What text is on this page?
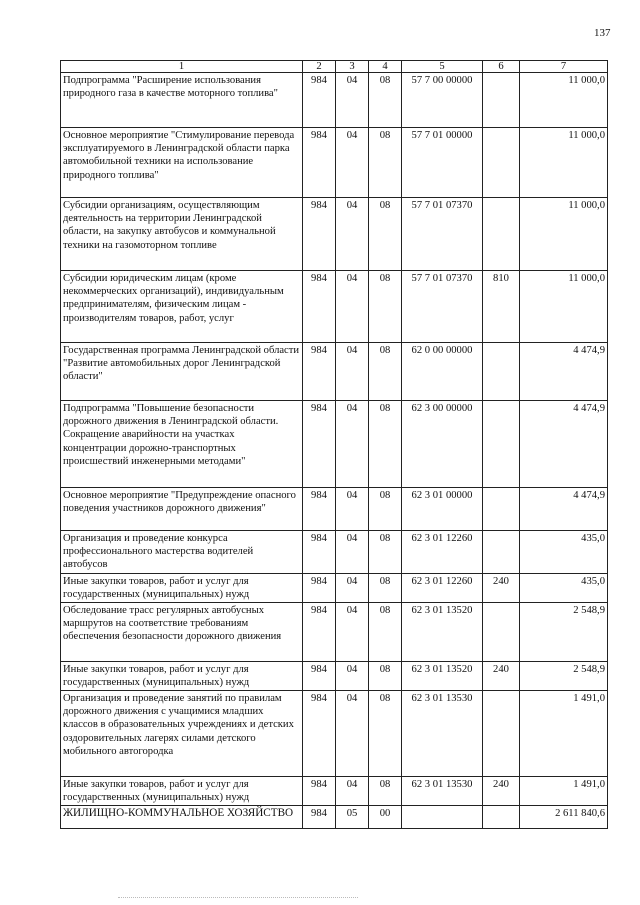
137
1	2	3	4	5	6	7
Подпрограмма "Расширение использования природного газа в качестве моторного топлива"	984	04	08	57 7 00 00000		11 000,0
Основное мероприятие "Стимулирование перевода эксплуатируемого в Ленинградской области парка автомобильной техники на использование природного топлива"	984	04	08	57 7 01 00000		11 000,0
Субсидии организациям, осуществляющим деятельность на территории Ленинградской области, на закупку автобусов и коммунальной техники на газомоторном топливе	984	04	08	57 7 01 07370		11 000,0
Субсидии юридическим лицам (кроме некоммерческих организаций), индивидуальным предпринимателям, физическим лицам - производителям товаров, работ, услуг	984	04	08	57 7 01 07370	810	11 000,0
Государственная программа Ленинградской области "Развитие автомобильных дорог Ленинградской области"	984	04	08	62 0 00 00000		4 474,9
Подпрограмма "Повышение безопасности дорожного движения в Ленинградской области. Сокращение аварийности на участках концентрации дорожно-транспортных происшествий инженерными методами"	984	04	08	62 3 00 00000		4 474,9
Основное мероприятие "Предупреждение опасного поведения участников дорожного движения"	984	04	08	62 3 01 00000		4 474,9
Организация и проведение конкурса профессионального мастерства водителей автобусов	984	04	08	62 3 01 12260		435,0
Иные закупки товаров, работ и услуг для государственных (муниципальных) нужд	984	04	08	62 3 01 12260	240	435,0
Обследование трасс регулярных автобусных маршрутов на соответствие требованиям обеспечения безопасности дорожного движения	984	04	08	62 3 01 13520		2 548,9
Иные закупки товаров, работ и услуг для государственных (муниципальных) нужд	984	04	08	62 3 01 13520	240	2 548,9
Организация и проведение занятий по правилам дорожного движения с учащимися младших классов в образовательных учреждениях и детских оздоровительных лагерях силами детского мобильного автогородка	984	04	08	62 3 01 13530		1 491,0
Иные закупки товаров, работ и услуг для государственных (муниципальных) нужд	984	04	08	62 3 01 13530	240	1 491,0
ЖИЛИЩНО-КОММУНАЛЬНОЕ ХОЗЯЙСТВО	984	05	00			2 611 840,6
